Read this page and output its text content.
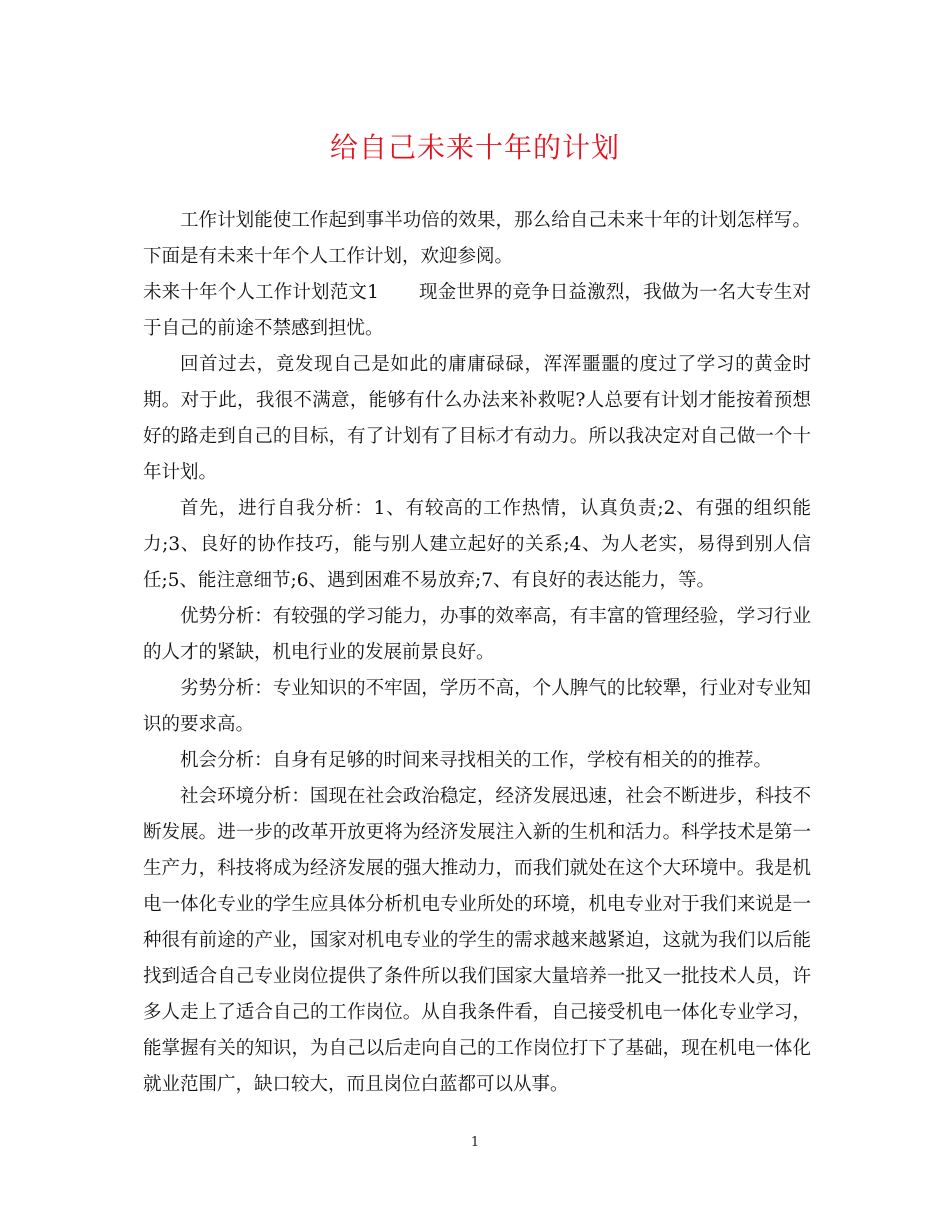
给自己未来十年的计划

工作计划能使工作起到事半功倍的效果，那么给自己未来十年的计划怎样写。下面是有未来十年个人工作计划，欢迎参阅。

未来十年个人工作计划范文1 现金世界的竞争日益激烈，我做为一名大专生对于自己的前途不禁感到担忧。

回首过去，竟发现自己是如此的庸庸碌碌，浑浑噩噩的度过了学习的黄金时期。对于此，我很不满意，能够有什么办法来补救呢?人总要有计划才能按着预想好的路走到自己的目标，有了计划有了目标才有动力。所以我决定对自己做一个十年计划。

首先，进行自我分析：1、有较高的工作热情，认真负责;2、有强的组织能力;3、良好的协作技巧，能与别人建立起好的关系;4、为人老实，易得到别人信任;5、能注意细节;6、遇到困难不易放弃;7、有良好的表达能力，等。

优势分析：有较强的学习能力，办事的效率高，有丰富的管理经验，学习行业的人才的紧缺，机电行业的发展前景良好。

劣势分析：专业知识的不牢固，学历不高，个人脾气的比较犟，行业对专业知识的要求高。

机会分析：自身有足够的时间来寻找相关的工作，学校有相关的的推荐。

社会环境分析：国现在社会政治稳定，经济发展迅速，社会不断进步，科技不断发展。进一步的改革开放更将为经济发展注入新的生机和活力。科学技术是第一生产力，科技将成为经济发展的强大推动力，而我们就处在这个大环境中。我是机电一体化专业的学生应具体分析机电专业所处的环境，机电专业对于我们来说是一种很有前途的产业，国家对机电专业的学生的需求越来越紧迫，这就为我们以后能找到适合自己专业岗位提供了条件所以我们国家大量培养一批又一批技术人员，许多人走上了适合自己的工作岗位。从自我条件看，自己接受机电一体化专业学习，能掌握有关的知识，为自己以后走向自己的工作岗位打下了基础，现在机电一体化就业范围广，缺口较大，而且岗位白蓝都可以从事。

1
